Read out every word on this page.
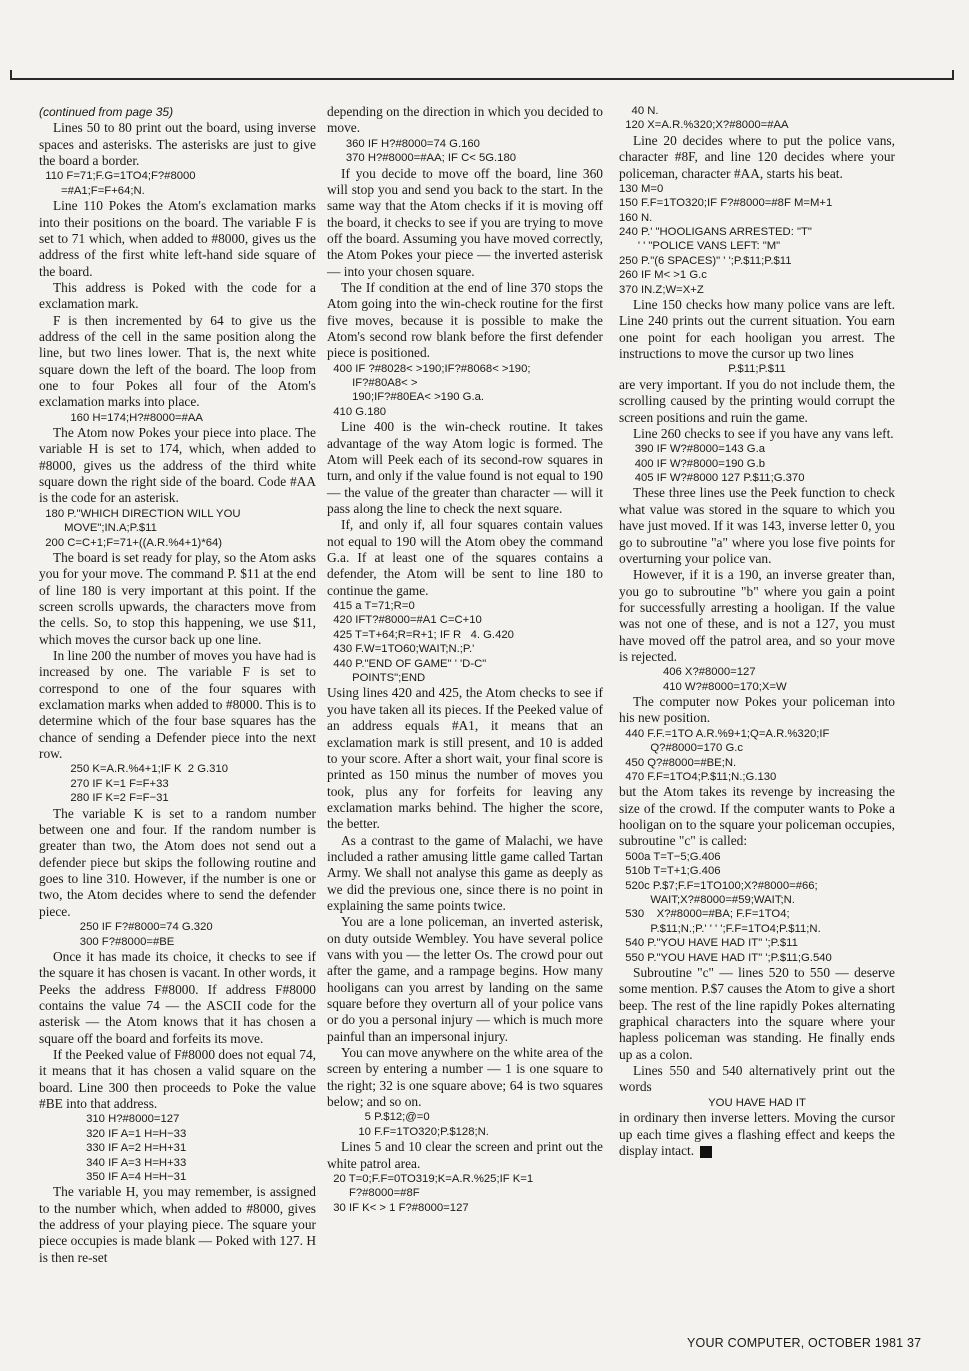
(continued from page 35)

Lines 50 to 80 print out the board, using inverse spaces and asterisks. The asterisks are just to give the board a border.

110 F=71;F.G=1TO4;F?#8000
=#A1;F=F+64;N.

Line 110 Pokes the Atom's exclamation marks into their positions on the board. The variable F is set to 71 which, when added to #8000, gives us the address of the first white left-hand side square of the board.

This address is Poked with the code for a exclamation mark.

F is then incremented by 64 to give us the address of the cell in the same position along the line, but two lines lower. That is, the next white square down the left of the board. The loop from one to four Pokes all four of the Atom's exclamation marks into place.

160 H=174;H?#8000=#AA

The Atom now Pokes your piece into place. The variable H is set to 174, which, when added to #8000, gives us the address of the third white square down the right side of the board. Code #AA is the code for an asterisk.

180 P."WHICH DIRECTION WILL YOU
MOVE";IN.A;P.$11
200 C=C+1;F=71+((A.R.%4+1)*64)

The board is set ready for play, so the Atom asks you for your move. The command P. $11 at the end of line 180 is very important at this point. If the screen scrolls upwards, the characters move from the cells. So, to stop this happening, we use $11, which moves the cursor back up one line.

In line 200 the number of moves you have had is increased by one. The variable F is set to correspond to one of the four squares with exclamation marks when added to #8000. This is to determine which of the four base squares has the chance of sending a Defender piece into the next row.

250 K=A.R.%4+1;IF K  2 G.310
270 IF K=1 F=F+33
280 IF K=2 F=F−31

The variable K is set to a random number between one and four. If the random number is greater than two, the Atom does not send out a defender piece but skips the following routine and goes to line 310. However, if the number is one or two, the Atom decides where to send the defender piece.

250 IF F?#8000=74 G.320
300 F?#8000=#BE

Once it has made its choice, it checks to see if the square it has chosen is vacant. In other words, it Peeks the address F#8000. If address F#8000 contains the value 74 — the ASCII code for the asterisk — the Atom knows that it has chosen a square off the board and forfeits its move.

If the Peeked value of F#8000 does not equal 74, it means that it has chosen a valid square on the board. Line 300 then proceeds to Poke the value #BE into that address.

310 H?#8000=127
320 IF A=1 H=H−33
330 IF A=2 H=H+31
340 IF A=3 H=H+33
350 IF A=4 H=H−31

The variable H, you may remember, is assigned to the number which, when added to #8000, gives the address of your playing piece. The square your piece occupies is made blank — Poked with 127. H is then re-set

depending on the direction in which you decided to move.

360 IF H?#8000=74 G.160
370 H?#8000=#AA; IF C< 5G.180

If you decide to move off the board, line 360 will stop you and send you back to the start. In the same way that the Atom checks if it is moving off the board, it checks to see if you are trying to move off the board. Assuming you have moved correctly, the Atom Pokes your piece — the inverted asterisk — into your chosen square.

The If condition at the end of line 370 stops the Atom going into the win-check routine for the first five moves, because it is possible to make the Atom's second row blank before the first defender piece is positioned.

400 IF ?#8028< >190;IF?#8068< >190;
IF?#80A8< >
190;IF?#80EA< >190 G.a.
410 G.180

Line 400 is the win-check routine. It takes advantage of the way Atom logic is formed. The Atom will Peek each of its second-row squares in turn, and only if the value found is not equal to 190 — the value of the greater than character — will it pass along the line to check the next square.

If, and only if, all four squares contain values not equal to 190 will the Atom obey the command G.a. If at least one of the squares contains a defender, the Atom will be sent to line 180 to continue the game.

415 a T=71;R=0
420 IFT?#8000=#A1 C=C+10
425 T=T+64;R=R+1; IF R   4. G.420
430 F.W=1TO60;WAIT;N.;P.'
440 P."END OF GAME" ' 'D-C"
POINTS";END

Using lines 420 and 425, the Atom checks to see if you have taken all its pieces. If the Peeked value of an address equals #A1, it means that an exclamation mark is still present, and 10 is added to your score. After a short wait, your final score is printed as 150 minus the number of moves you took, plus any for forfeits for leaving any exclamation marks behind. The higher the score, the better.

As a contrast to the game of Malachi, we have included a rather amusing little game called Tartan Army. We shall not analyse this game as deeply as we did the previous one, since there is no point in explaining the same points twice.

You are a lone policeman, an inverted asterisk, on duty outside Wembley. You have several police vans with you — the letter Os. The crowd pour out after the game, and a rampage begins. How many hooligans can you arrest by landing on the same square before they overturn all of your police vans or do you a personal injury — which is much more painful than an impersonal injury.

You can move anywhere on the white area of the screen by entering a number — 1 is one square to the right; 32 is one square above; 64 is two squares below; and so on.

5 P.$12;@=0
10 F.F=1TO320;P.$128;N.

Lines 5 and 10 clear the screen and print out the white patrol area.

20 T=0;F.F=0TO319;K=A.R.%25;IF K=1
F?#8000=#8F
30 IF K< > 1 F?#8000=127
40 N.
120 X=A.R.%320;X?#8000=#AA

Line 20 decides where to put the police vans, character #8F, and line 120 decides where your policeman, character #AA, starts his beat.

130 M=0
150 F.F=1TO320;IF F?#8000=#8F M=M+1
160 N.
240 P.' "HOOLIGANS ARRESTED: "T"
' ' "POLICE VANS LEFT: "M"
250 P."(6 SPACES)" ' ';P.$11;P.$11
260 IF M< >1 G.c
370 IN.Z;W=X+Z

Line 150 checks how many police vans are left. Line 240 prints out the current situation. You earn one point for each hooligan you arrest. The instructions to move the cursor up two lines

P.$11;P.$11

are very important. If you do not include them, the scrolling caused by the printing would corrupt the screen positions and ruin the game.

Line 260 checks to see if you have any vans left.

390 IF W?#8000=143 G.a
400 IF W?#8000=190 G.b
405 IF W?#8000 127 P.$11;G.370

These three lines use the Peek function to check what value was stored in the square to which you have just moved. If it was 143, inverse letter 0, you go to subroutine "a" where you lose five points for overturning your police van.

However, if it is a 190, an inverse greater than, you go to subroutine "b" where you gain a point for successfully arresting a hooligan. If the value was not one of these, and is not a 127, you must have moved off the patrol area, and so your move is rejected.

406 X?#8000=127
410 W?#8000=170;X=W

The computer now Pokes your policeman into his new position.

440 F.F.=1TO A.R.%9+1;Q=A.R.%320;IF
Q?#8000=170 G.c
450 Q?#8000=#BE;N.
470 F.F=1TO4;P.$11;N.;G.130

but the Atom takes its revenge by increasing the size of the crowd. If the computer wants to Poke a hooligan on to the square your policeman occupies, subroutine "c" is called:

500a T=T−5;G.406
510b T=T+1;G.406
520c P.$7;F.F=1TO100;X?#8000=#66;
WAIT;X?#8000=#59;WAIT;N.
530    X?#8000=#BA; F.F=1TO4;
P.$11;N.;P.' ' ' ';F.F=1TO4;P.$11;N.
540 P."YOU HAVE HAD IT" ';P.$11
550 P."YOU HAVE HAD IT" ';P.$11;G.540

Subroutine "c" — lines 520 to 550 — deserve some mention. P.$7 causes the Atom to give a short beep. The rest of the line rapidly Pokes alternating graphical characters into the square where your hapless policeman was standing. He finally ends up as a colon.

Lines 550 and 540 alternatively print out the words

YOU HAVE HAD IT

in ordinary then inverse letters. Moving the cursor up each time gives a flashing effect and keeps the display intact.

YOUR COMPUTER, OCTOBER 1981 37
